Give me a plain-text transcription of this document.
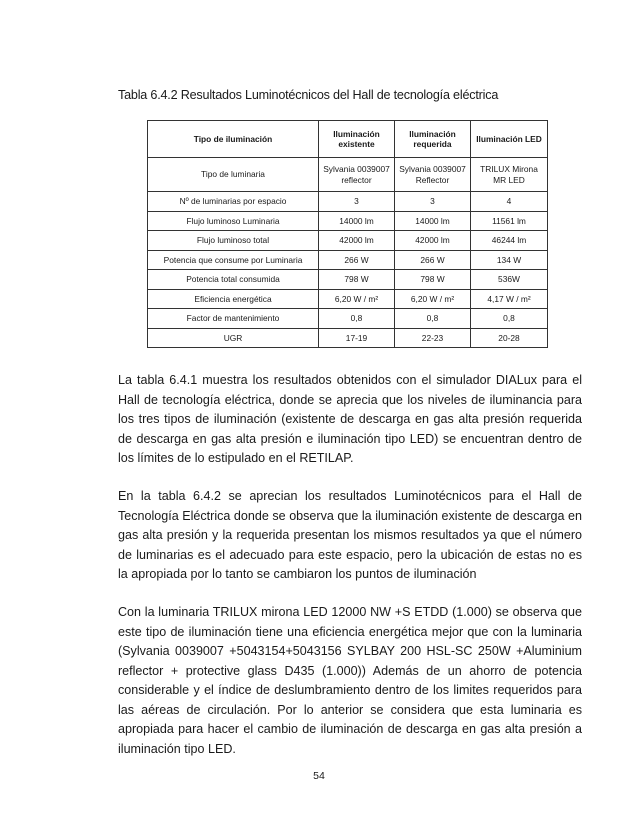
Tabla 6.4.2 Resultados Luminotécnicos del Hall de tecnología eléctrica
Tipo de iluminación	Iluminación existente	Iluminación requerida	Iluminación LED
Tipo de luminaria	Sylvania 0039007 reflector	Sylvania 0039007 Reflector	TRILUX Mirona MR LED
Nº de luminarias por espacio	3	3	4
Flujo luminoso Luminaria	14000 lm	14000 lm	11561 lm
Flujo luminoso total	42000 lm	42000 lm	46244 lm
Potencia que consume por Luminaria	266 W	266 W	134 W
Potencia total consumida	798 W	798 W	536W
Eficiencia energética	6,20 W / m²	6,20 W / m²	4,17 W / m²
Factor de mantenimiento	0,8	0,8	0,8
UGR	17-19	22-23	20-28

La tabla 6.4.1 muestra los resultados obtenidos con el simulador DIALux para el Hall de tecnología eléctrica, donde se aprecia que los niveles de iluminancia para los tres tipos de iluminación (existente de descarga en gas alta presión requerida de descarga en gas alta presión e iluminación tipo LED) se encuentran dentro de los límites de lo estipulado en el RETILAP.

En la tabla 6.4.2 se aprecian los resultados Luminotécnicos para el Hall de Tecnología Eléctrica donde se observa que la iluminación existente de descarga en gas alta presión y la requerida presentan los mismos resultados ya que el número de luminarias es el adecuado para este espacio, pero la ubicación de estas no es la apropiada por lo tanto se cambiaron los puntos de iluminación

Con la luminaria TRILUX mirona LED 12000 NW +S ETDD (1.000) se observa que este tipo de iluminación tiene una eficiencia energética mejor que con la luminaria (Sylvania 0039007 +5043154+5043156 SYLBAY 200 HSL-SC 250W +Aluminium reflector + protective glass D435 (1.000)) Además de un ahorro de potencia considerable y el índice de deslumbramiento dentro de los limites requeridos para las aéreas de circulación. Por lo anterior se considera que esta luminaria es apropiada para hacer el cambio de iluminación de descarga en gas alta presión a iluminación tipo LED.

54
